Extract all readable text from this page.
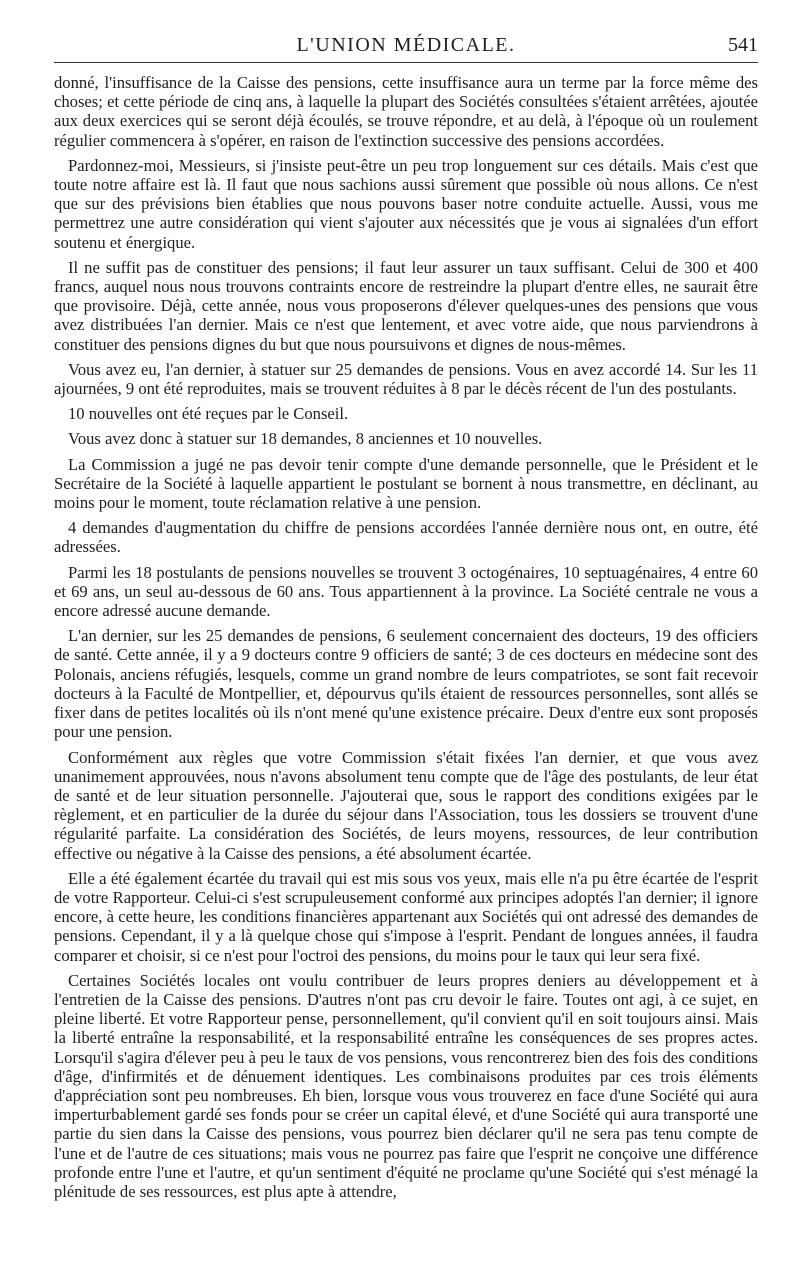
L'UNION MÉDICALE.	541

donné, l'insuffisance de la Caisse des pensions, cette insuffisance aura un terme par la force même des choses; et cette période de cinq ans, à laquelle la plupart des Sociétés consultées s'étaient arrêtées, ajoutée aux deux exercices qui se seront déjà écoulés, se trouve répondre, et au delà, à l'époque où un roulement régulier commencera à s'opérer, en raison de l'extinction successive des pensions accordées.

Pardonnez-moi, Messieurs, si j'insiste peut-être un peu trop longuement sur ces détails. Mais c'est que toute notre affaire est là. Il faut que nous sachions aussi sûrement que possible où nous allons. Ce n'est que sur des prévisions bien établies que nous pouvons baser notre conduite actuelle. Aussi, vous me permettrez une autre considération qui vient s'ajouter aux nécessités que je vous ai signalées d'un effort soutenu et énergique.

Il ne suffit pas de constituer des pensions; il faut leur assurer un taux suffisant. Celui de 300 et 400 francs, auquel nous nous trouvons contraints encore de restreindre la plupart d'entre elles, ne saurait être que provisoire. Déjà, cette année, nous vous proposerons d'élever quelques-unes des pensions que vous avez distribuées l'an dernier. Mais ce n'est que lentement, et avec votre aide, que nous parviendrons à constituer des pensions dignes du but que nous poursuivons et dignes de nous-mêmes.

Vous avez eu, l'an dernier, à statuer sur 25 demandes de pensions. Vous en avez accordé 14. Sur les 11 ajournées, 9 ont été reproduites, mais se trouvent réduites à 8 par le décès récent de l'un des postulants.

10 nouvelles ont été reçues par le Conseil.

Vous avez donc à statuer sur 18 demandes, 8 anciennes et 10 nouvelles.

La Commission a jugé ne pas devoir tenir compte d'une demande personnelle, que le Président et le Secrétaire de la Société à laquelle appartient le postulant se bornent à nous transmettre, en déclinant, au moins pour le moment, toute réclamation relative à une pension.

4 demandes d'augmentation du chiffre de pensions accordées l'année dernière nous ont, en outre, été adressées.

Parmi les 18 postulants de pensions nouvelles se trouvent 3 octogénaires, 10 septuagénaires, 4 entre 60 et 69 ans, un seul au-dessous de 60 ans. Tous appartiennent à la province. La Société centrale ne vous a encore adressé aucune demande.

L'an dernier, sur les 25 demandes de pensions, 6 seulement concernaient des docteurs, 19 des officiers de santé. Cette année, il y a 9 docteurs contre 9 officiers de santé; 3 de ces docteurs en médecine sont des Polonais, anciens réfugiés, lesquels, comme un grand nombre de leurs compatriotes, se sont fait recevoir docteurs à la Faculté de Montpellier, et, dépourvus qu'ils étaient de ressources personnelles, sont allés se fixer dans de petites localités où ils n'ont mené qu'une existence précaire. Deux d'entre eux sont proposés pour une pension.

Conformément aux règles que votre Commission s'était fixées l'an dernier, et que vous avez unanimement approuvées, nous n'avons absolument tenu compte que de l'âge des postulants, de leur état de santé et de leur situation personnelle. J'ajouterai que, sous le rapport des conditions exigées par le règlement, et en particulier de la durée du séjour dans l'Association, tous les dossiers se trouvent d'une régularité parfaite. La considération des Sociétés, de leurs moyens, ressources, de leur contribution effective ou négative à la Caisse des pensions, a été absolument écartée.

Elle a été également écartée du travail qui est mis sous vos yeux, mais elle n'a pu être écartée de l'esprit de votre Rapporteur. Celui-ci s'est scrupuleusement conformé aux principes adoptés l'an dernier; il ignore encore, à cette heure, les conditions financières appartenant aux Sociétés qui ont adressé des demandes de pensions. Cependant, il y a là quelque chose qui s'impose à l'esprit. Pendant de longues années, il faudra comparer et choisir, si ce n'est pour l'octroi des pensions, du moins pour le taux qui leur sera fixé.

Certaines Sociétés locales ont voulu contribuer de leurs propres deniers au développement et à l'entretien de la Caisse des pensions. D'autres n'ont pas cru devoir le faire. Toutes ont agi, à ce sujet, en pleine liberté. Et votre Rapporteur pense, personnellement, qu'il convient qu'il en soit toujours ainsi. Mais la liberté entraîne la responsabilité, et la responsabilité entraîne les conséquences de ses propres actes. Lorsqu'il s'agira d'élever peu à peu le taux de vos pensions, vous rencontrerez bien des fois des conditions d'âge, d'infirmités et de dénuement identiques. Les combinaisons produites par ces trois éléments d'appréciation sont peu nombreuses. Eh bien, lorsque vous vous trouverez en face d'une Société qui aura imperturbablement gardé ses fonds pour se créer un capital élevé, et d'une Société qui aura transporté une partie du sien dans la Caisse des pensions, vous pourrez bien déclarer qu'il ne sera pas tenu compte de l'une et de l'autre de ces situations; mais vous ne pourrez pas faire que l'esprit ne conçoive une différence profonde entre l'une et l'autre, et qu'un sentiment d'équité ne proclame qu'une Société qui s'est ménagé la plénitude de ses ressources, est plus apte à attendre,
